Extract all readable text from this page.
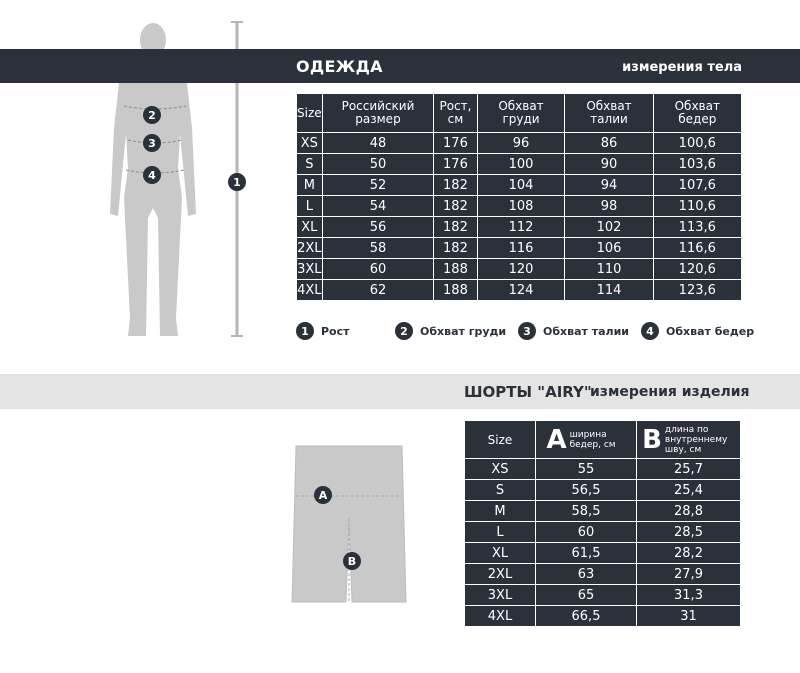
2
3
4
1
ОДЕЖДА	измерения тела
Size	Российский размер	Рост, см	Обхват груди	Обхват талии	Обхват бедер
XS	48	176	96	86	100,6
S	50	176	100	90	103,6
M	52	182	104	94	107,6
L	54	182	108	98	110,6
XL	56	182	112	102	113,6
2XL	58	182	116	106	116,6
3XL	60	188	120	110	120,6
4XL	62	188	124	114	123,6
1	Рост	2	Обхват груди	3	Обхват талии	4	Обхват бедер
ШОРТЫ "AIRY"
измерения изделия
A
B
Size	A ширина бедер, см	B длина по внутреннему шву, см
XS	55	25,7
S	56,5	25,4
M	58,5	28,8
L	60	28,5
XL	61,5	28,2
2XL	63	27,9
3XL	65	31,3
4XL	66,5	31
